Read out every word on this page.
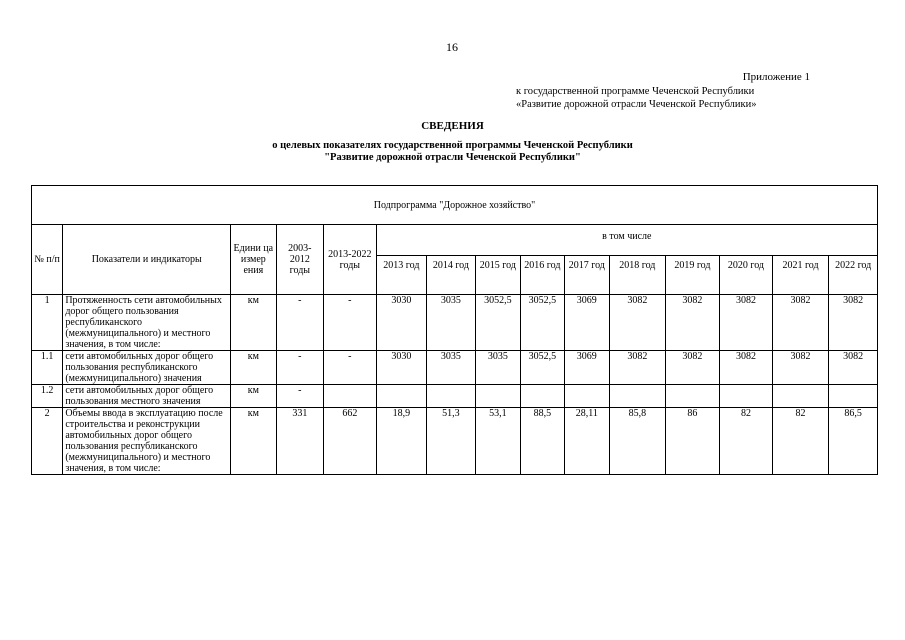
16
Приложение 1
к государственной программе Чеченской Республики
«Развитие дорожной отрасли Чеченской Республики»
СВЕДЕНИЯ
о целевых показателях государственной программы Чеченской Республики
"Развитие дорожной отрасли Чеченской Республики"
Подпрограмма "Дорожное хозяйство"														
№ п/п	Показатели и индикаторы	Едини ца измер ения	2003-2012 годы	2013-2022 годы	в том числе									
					2013 год	2014 год	2015 год	2016 год	2017 год	2018 год	2019 год	2020 год	2021 год	2022 год
1	Протяженность сети автомобильных дорог общего пользования республиканского (межмуниципального) и местного значения, в том числе:	км	-	-	3030	3035	3052,5	3052,5	3069	3082	3082	3082	3082	3082
1.1	сети автомобильных дорог общего пользования республиканского (межмуниципального) значения	км	-	-	3030	3035	3035	3052,5	3069	3082	3082	3082	3082	3082
1.2	сети автомобильных дорог общего пользования местного значения	км	-											
2	Объемы ввода в эксплуатацию после строительства и реконструкции автомобильных дорог общего пользования республиканского (межмуниципального) и местного значения, в том числе:	км	331	662	18,9	51,3	53,1	88,5	28,11	85,8	86	82	82	86,5
